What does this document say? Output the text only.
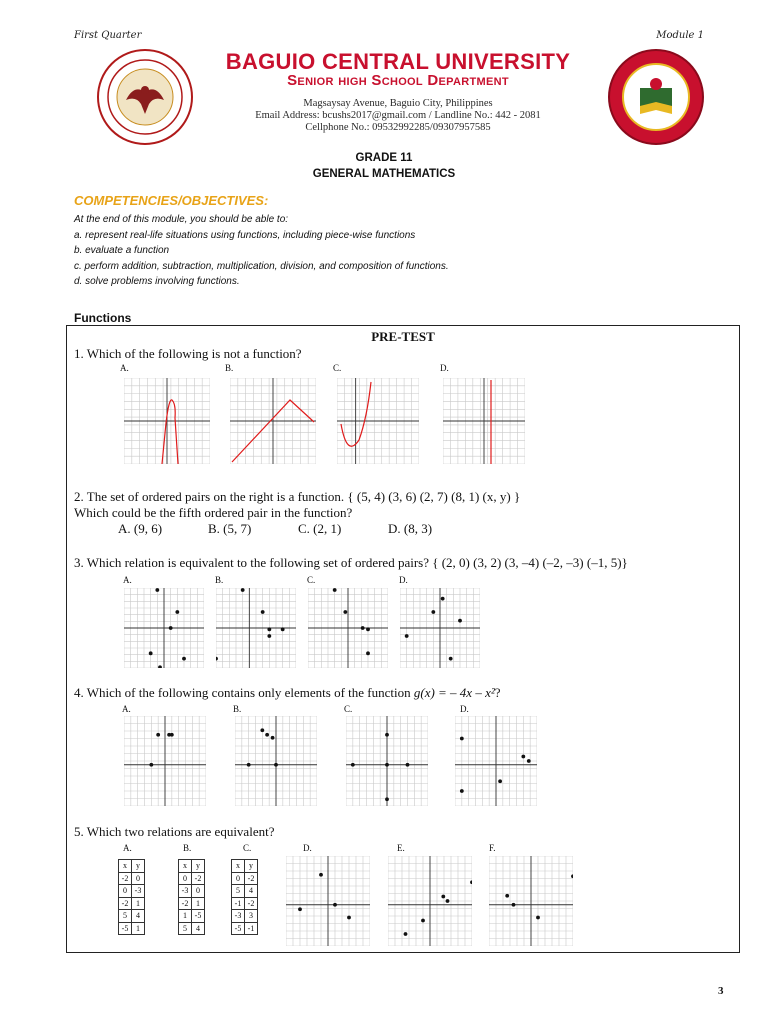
First Quarter	Module 1
BAGUIO CENTRAL UNIVERSITY
Senior high School Department
Magsaysay Avenue, Baguio City, Philippines
Email Address: bcushs2017@gmail.com / Landline No.: 442 - 2081
Cellphone No.: 09532992285/09307957585
GRADE 11
GENERAL MATHEMATICS
COMPETENCIES/OBJECTIVES:
At the end of this module, you should be able to:
a. represent real-life situations using functions, including piece-wise functions
b. evaluate a function
c. perform addition, subtraction, multiplication, division, and composition of functions.
d. solve problems involving functions.
Functions
PRE-TEST
1. Which of the following is not a function?
A.	B.	C.	D.
2. The set of ordered pairs on the right is a function. { (5, 4) (3, 6) (2, 7) (8, 1) (x, y) }
Which could be the fifth ordered pair in the function?
A. (9, 6)	B. (5, 7)	C. (2, 1)	D. (8, 3)
3. Which relation is equivalent to the following set of ordered pairs? { (2, 0) (3, 2) (3, –4) (–2, –3) (–1, 5)}
A.	B.	C.	D.
4. Which of the following contains only elements of the function g(x) = – 4x – x²?
A.	B.	C.	D.
5. Which two relations are equivalent?
A.	B.	C.	D.	E.	F.
x	y
-2	0
0	-3
-2	1
5	4
-5	1
x	y
0	-2
-3	0
-2	1
1	-5
5	4
x	y
0	-2
5	4
-1	-2
-3	3
-5	-1
3
